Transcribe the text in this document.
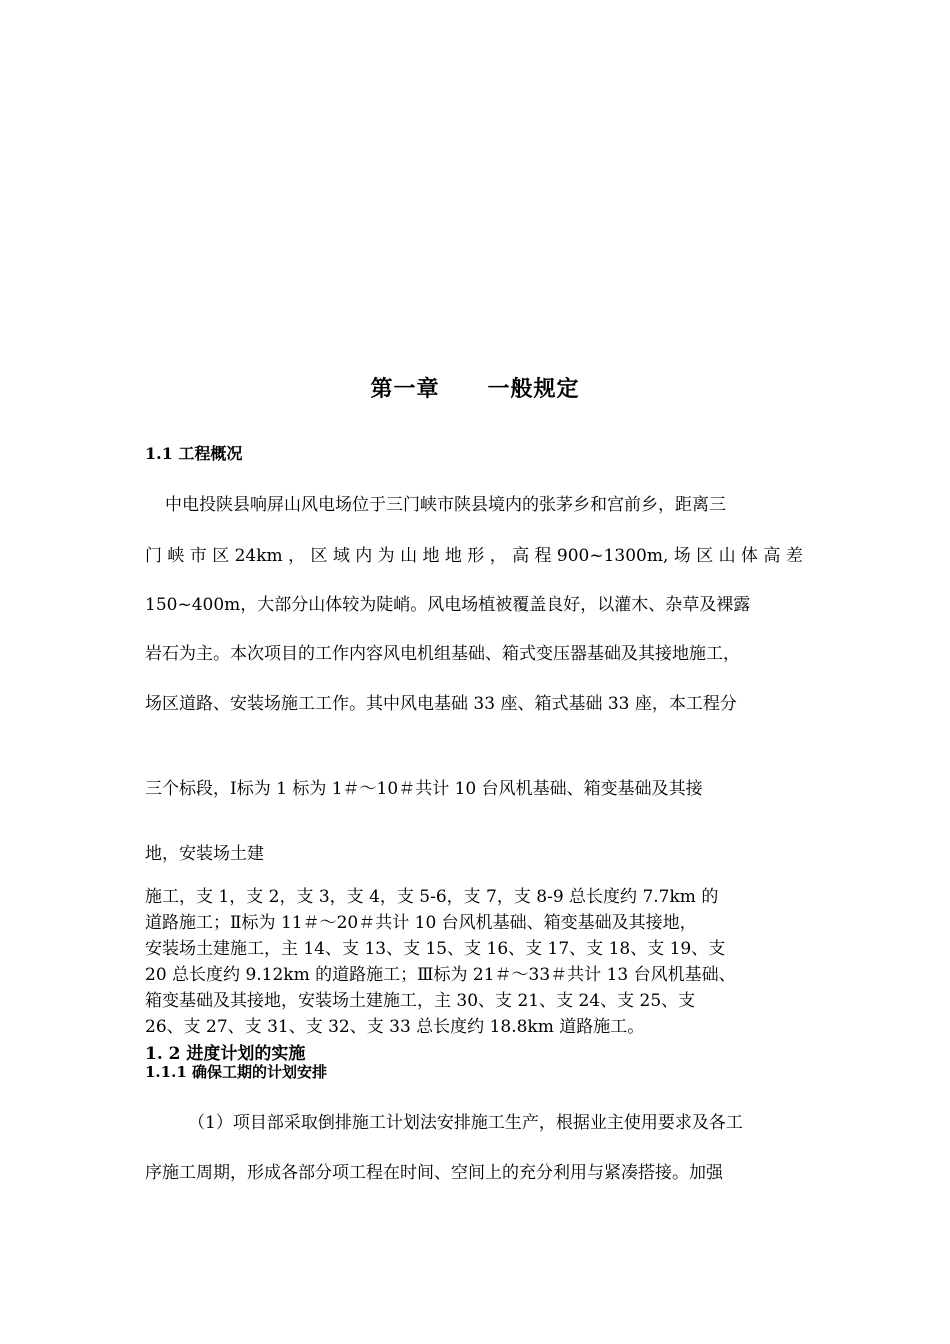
第一章 一般规定
1.1 工程概况
中电投陕县响屏山风电场位于三门峡市陕县境内的张茅乡和宫前乡，距离三
门 峡 市 区 24km ， 区 域 内 为 山 地 地 形 ， 高 程 900~1300m, 场 区 山 体 高 差
150~400m，大部分山体较为陡峭。风电场植被覆盖良好，以灌木、杂草及裸露
岩石为主。本次项目的工作内容风电机组基础、箱式变压器基础及其接地施工，
场区道路、安装场施工工作。其中风电基础 33 座、箱式基础 33 座，本工程分
三个标段，Ⅰ标为 1 标为 1＃～10＃共计 10 台风机基础、箱变基础及其接
地，安装场土建
施工，支 1，支 2，支 3，支 4，支 5-6，支 7，支 8-9 总长度约 7.7km 的
道路施工；Ⅱ标为 11＃～20＃共计 10 台风机基础、箱变基础及其接地，
安装场土建施工，主 14、支 13、支 15、支 16、支 17、支 18、支 19、支
20 总长度约 9.12km 的道路施工；Ⅲ标为 21＃～33＃共计 13 台风机基础、
箱变基础及其接地，安装场土建施工，主 30、支 21、支 24、支 25、支
26、支 27、支 31、支 32、支 33 总长度约 18.8km 道路施工。
1. 2 进度计划的实施
1.1.1 确保工期的计划安排
（1）项目部采取倒排施工计划法安排施工生产，根据业主使用要求及各工
序施工周期，形成各部分项工程在时间、空间上的充分利用与紧凑搭接。加强
